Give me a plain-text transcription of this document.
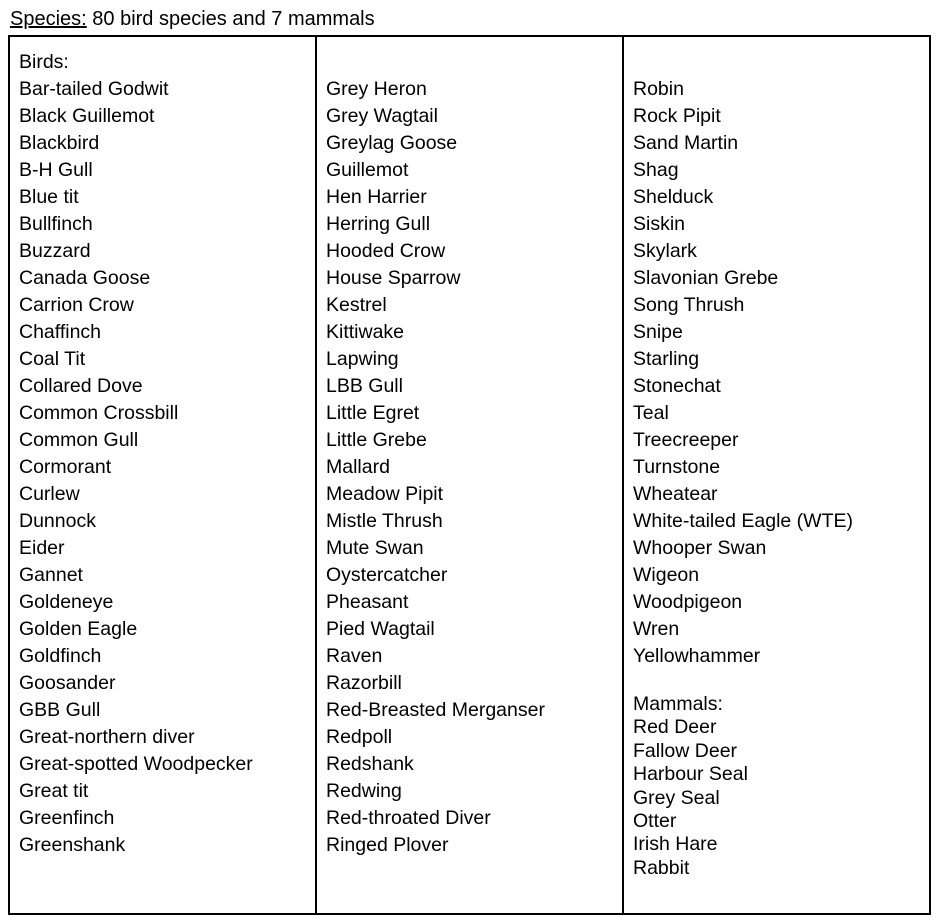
Species: 80 bird species and 7 mammals
Birds:
Bar-tailed Godwit
Black Guillemot
Blackbird
B-H Gull
Blue tit
Bullfinch
Buzzard
Canada Goose
Carrion Crow
Chaffinch
Coal Tit
Collared Dove
Common Crossbill
Common Gull
Cormorant
Curlew
Dunnock
Eider
Gannet
Goldeneye
Golden Eagle
Goldfinch
Goosander
GBB Gull
Great-northern diver
Great-spotted Woodpecker
Great tit
Greenfinch
Greenshank
Grey Heron
Grey Wagtail
Greylag Goose
Guillemot
Hen Harrier
Herring Gull
Hooded Crow
House Sparrow
Kestrel
Kittiwake
Lapwing
LBB Gull
Little Egret
Little Grebe
Mallard
Meadow Pipit
Mistle Thrush
Mute Swan
Oystercatcher
Pheasant
Pied Wagtail
Raven
Razorbill
Red-Breasted Merganser
Redpoll
Redshank
Redwing
Red-throated Diver
Ringed Plover
Robin
Rock Pipit
Sand Martin
Shag
Shelduck
Siskin
Skylark
Slavonian Grebe
Song Thrush
Snipe
Starling
Stonechat
Teal
Treecreeper
Turnstone
Wheatear
White-tailed Eagle (WTE)
Whooper Swan
Wigeon
Woodpigeon
Wren
Yellowhammer
Mammals:
Red Deer
Fallow Deer
Harbour Seal
Grey Seal
Otter
Irish Hare
Rabbit
